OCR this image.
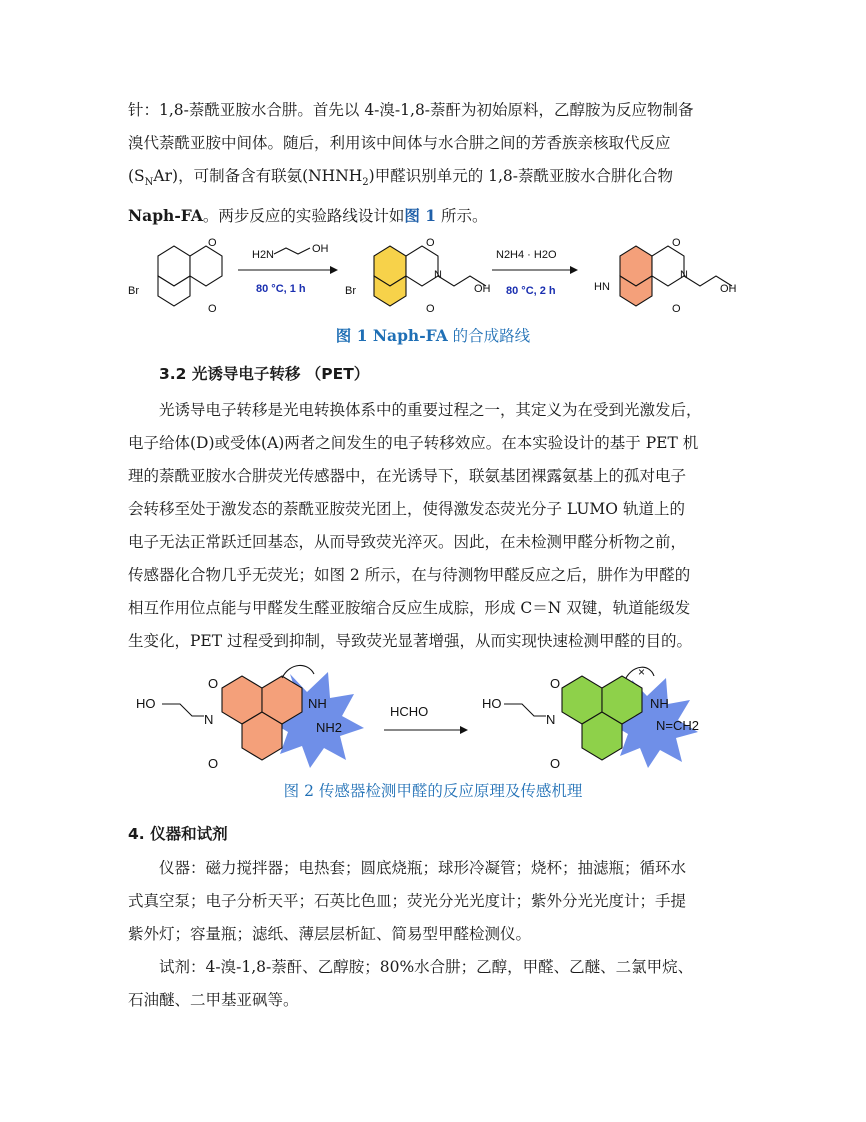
针：1,8-萘酰亚胺水合肼。首先以 4-溴-1,8-萘酐为初始原料，乙醇胺为反应物制备

溴代萘酰亚胺中间体。随后，利用该中间体与水合肼之间的芳香族亲核取代反应

$(S_NAr)$，可制备含有联氨$(NHNH_2)$甲醛识别单元的 1,8-萘酰亚胺水合肼化合物

Naph-FA。两步反应的实验路线设计如图 1 所示。

Br
O
O
H2N	OH
Br
O
O
N
OH
N2H4 · H2O
HN
O
O
N
OH
80 °C, 1 h	80 °C, 2 h
图 1 Naph-FA 的合成路线
3.2 光诱导电子转移 （PET）

光诱导电子转移是光电转换体系中的重要过程之一，其定义为在受到光激发后，

电子给体(D)或受体(A)两者之间发生的电子转移效应。在本实验设计的基于 PET 机

理的萘酰亚胺水合肼荧光传感器中，在光诱导下，联氨基团裸露氨基上的孤对电子

会转移至处于激发态的萘酰亚胺荧光团上，使得激发态荧光分子 LUMO 轨道上的

电子无法正常跃迁回基态，从而导致荧光淬灭。因此，在未检测甲醛分析物之前，

传感器化合物几乎无荧光；如图 2 所示，在与待测物甲醛反应之后，肼作为甲醛的

相互作用位点能与甲醛发生醛亚胺缩合反应生成腙，形成 C＝N 双键，轨道能级发

生变化，PET 过程受到抑制，导致荧光显著增强，从而实现快速检测甲醛的目的。

×
HO
O
N
O
NH
NH2
HCHO
HO
O
N
O
NH
N=CH2
图 2 传感器检测甲醛的反应原理及传感机理
4. 仪器和试剂

仪器：磁力搅拌器；电热套；圆底烧瓶；球形冷凝管；烧杯；抽滤瓶；循环水

式真空泵；电子分析天平；石英比色皿；荧光分光光度计；紫外分光光度计；手提

紫外灯；容量瓶；滤纸、薄层层析缸、简易型甲醛检测仪。

试剂：4-溴-1,8-萘酐、乙醇胺；80%水合肼；乙醇，甲醛、乙醚、二氯甲烷、

石油醚、二甲基亚砜等。
